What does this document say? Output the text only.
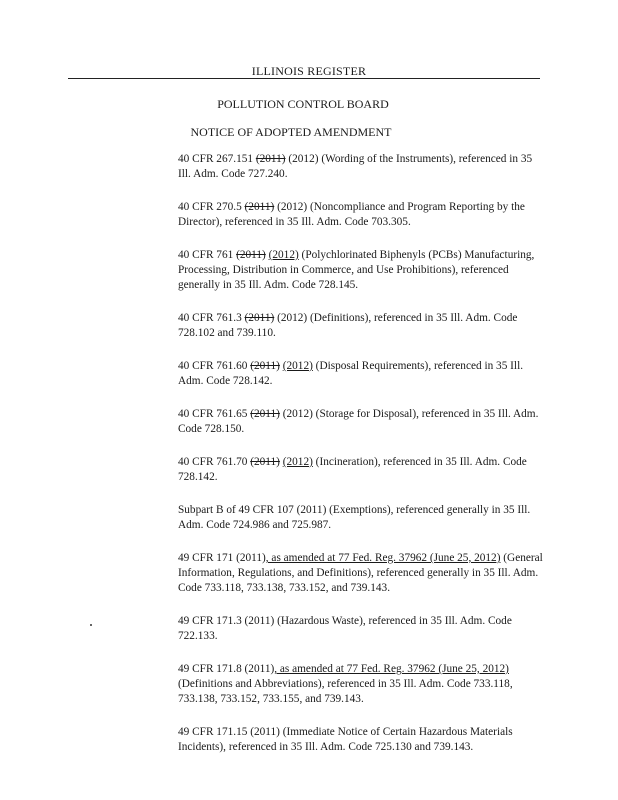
ILLINOIS REGISTER
POLLUTION CONTROL BOARD
NOTICE OF ADOPTED AMENDMENT

40 CFR 267.151 (2011) (2012) (Wording of the Instruments), referenced in 35 Ill. Adm. Code 727.240.

40 CFR 270.5 (2011) (2012) (Noncompliance and Program Reporting by the Director), referenced in 35 Ill. Adm. Code 703.305.

40 CFR 761 (2011) (2012) (Polychlorinated Biphenyls (PCBs) Manufacturing, Processing, Distribution in Commerce, and Use Prohibitions), referenced generally in 35 Ill. Adm. Code 728.145.

40 CFR 761.3 (2011) (2012) (Definitions), referenced in 35 Ill. Adm. Code 728.102 and 739.110.

40 CFR 761.60 (2011) (2012) (Disposal Requirements), referenced in 35 Ill. Adm. Code 728.142.

40 CFR 761.65 (2011) (2012) (Storage for Disposal), referenced in 35 Ill. Adm. Code 728.150.

40 CFR 761.70 (2011) (2012) (Incineration), referenced in 35 Ill. Adm. Code 728.142.

Subpart B of 49 CFR 107 (2011) (Exemptions), referenced generally in 35 Ill. Adm. Code 724.986 and 725.987.

49 CFR 171 (2011), as amended at 77 Fed. Reg. 37962 (June 25, 2012) (General Information, Regulations, and Definitions), referenced generally in 35 Ill. Adm. Code 733.118, 733.138, 733.152, and 739.143.

49 CFR 171.3 (2011) (Hazardous Waste), referenced in 35 Ill. Adm. Code 722.133.

49 CFR 171.8 (2011), as amended at 77 Fed. Reg. 37962 (June 25, 2012) (Definitions and Abbreviations), referenced in 35 Ill. Adm. Code 733.118, 733.138, 733.152, 733.155, and 739.143.

49 CFR 171.15 (2011) (Immediate Notice of Certain Hazardous Materials Incidents), referenced in 35 Ill. Adm. Code 725.130 and 739.143.
